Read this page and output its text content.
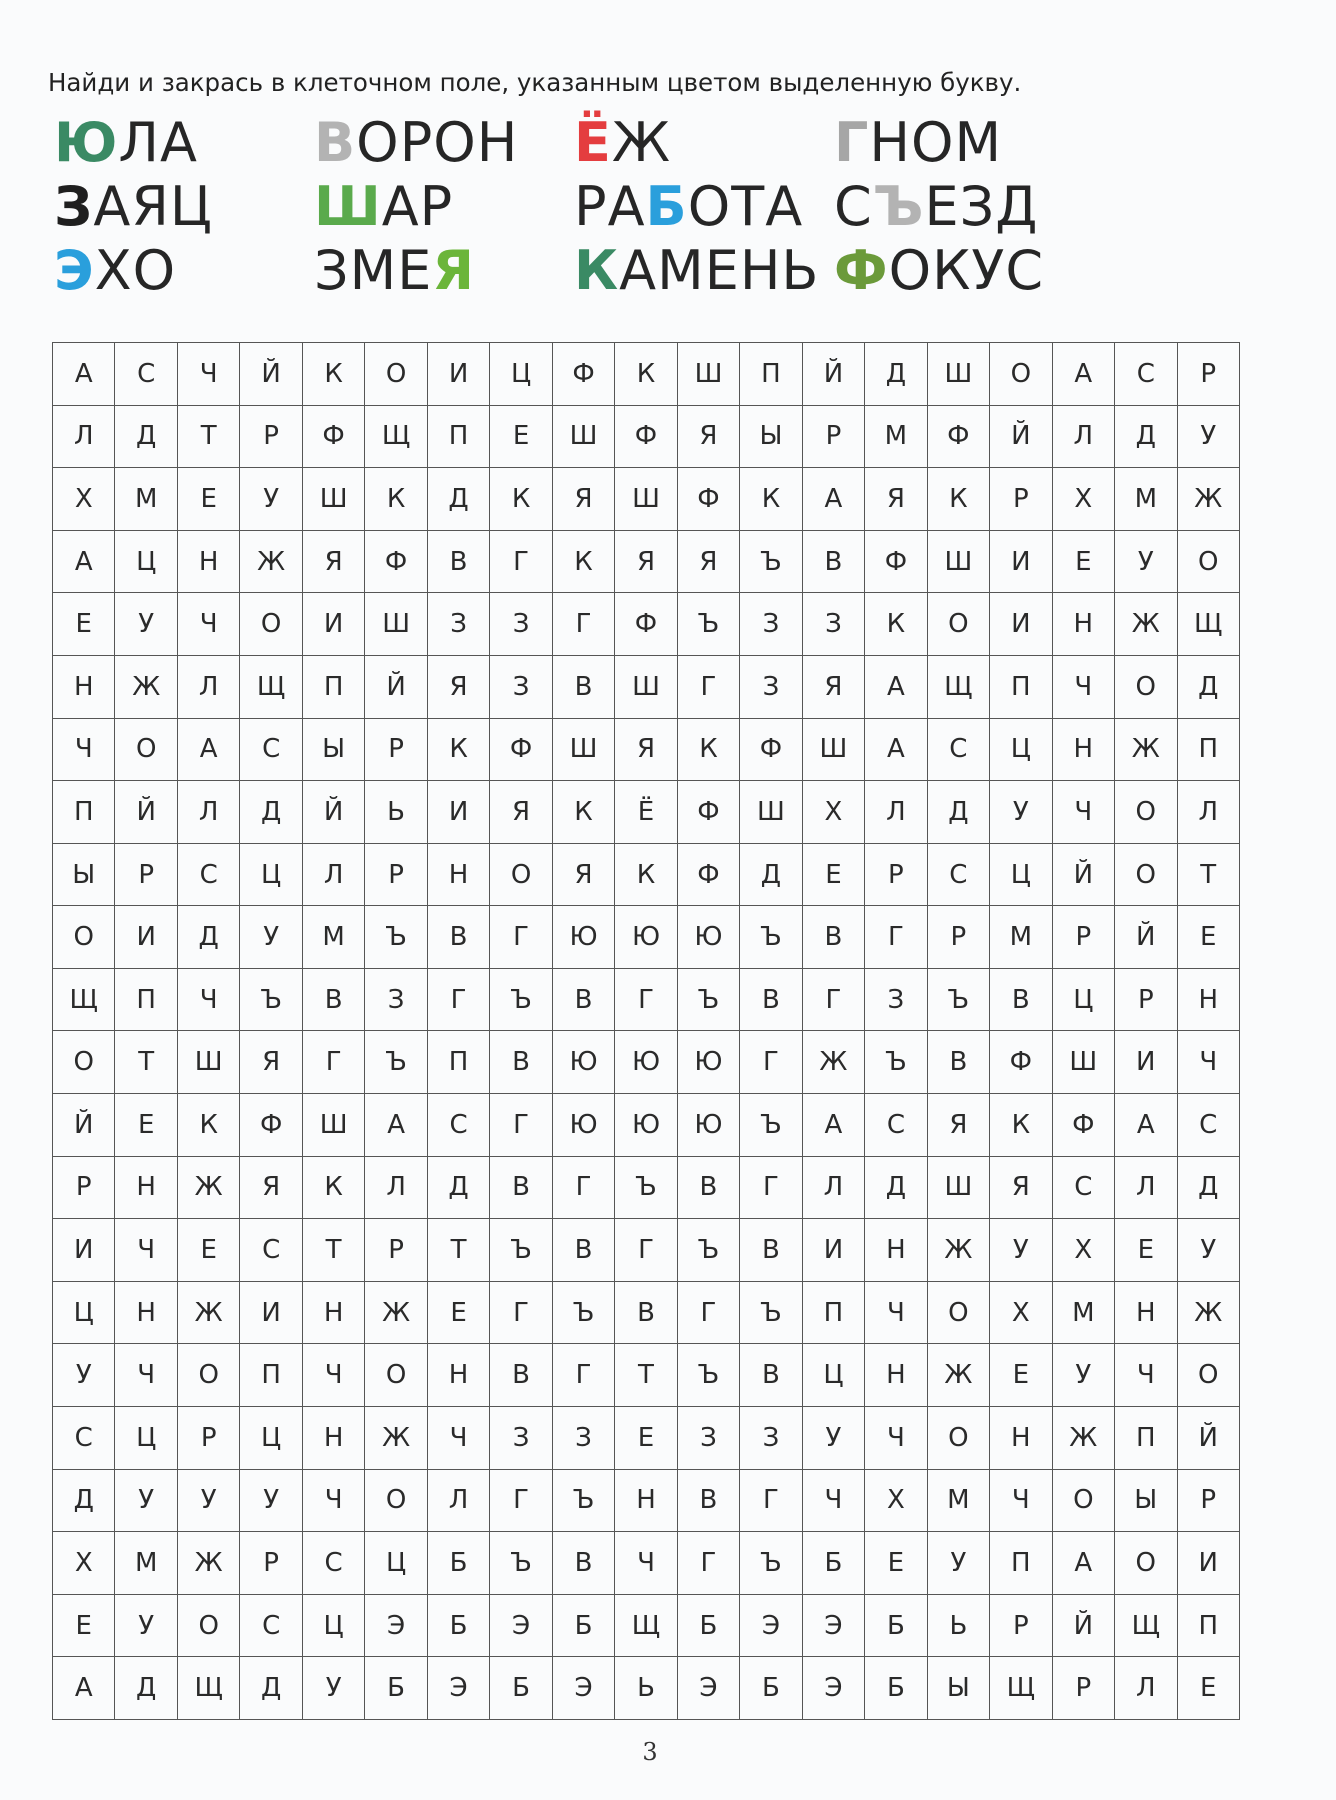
Найди и закрась в клеточном поле, указанным цветом выделенную букву.
ЮЛА ВОРОН ЁЖ	ГНОМ
ЗАЯЦ ШАР РАБОТА СЪЕЗД
ЭХО	ЗМЕЯ КАМЕНЬ ФОКУС
А	С	Ч	Й	К	О	И	Ц	Ф	К	Ш	П	Й	Д	Ш	О	А	С	Р
Л	Д	Т	Р	Ф	Щ	П	Е	Ш	Ф	Я	Ы	Р	М	Ф	Й	Л	Д	У
Х	М	Е	У	Ш	К	Д	К	Я	Ш	Ф	К	А	Я	К	Р	Х	М	Ж
А	Ц	Н	Ж	Я	Ф	В	Г	К	Я	Я	Ъ	В	Ф	Ш	И	Е	У	О
Е	У	Ч	О	И	Ш	З	З	Г	Ф	Ъ	З	З	К	О	И	Н	Ж	Щ
Н	Ж	Л	Щ	П	Й	Я	З	В	Ш	Г	З	Я	А	Щ	П	Ч	О	Д
Ч	О	А	С	Ы	Р	К	Ф	Ш	Я	К	Ф	Ш	А	С	Ц	Н	Ж	П
П	Й	Л	Д	Й	Ь	И	Я	К	Ё	Ф	Ш	Х	Л	Д	У	Ч	О	Л
Ы	Р	С	Ц	Л	Р	Н	О	Я	К	Ф	Д	Е	Р	С	Ц	Й	О	Т
О	И	Д	У	М	Ъ	В	Г	Ю	Ю	Ю	Ъ	В	Г	Р	М	Р	Й	Е
Щ	П	Ч	Ъ	В	З	Г	Ъ	В	Г	Ъ	В	Г	З	Ъ	В	Ц	Р	Н
О	Т	Ш	Я	Г	Ъ	П	В	Ю	Ю	Ю	Г	Ж	Ъ	В	Ф	Ш	И	Ч
Й	Е	К	Ф	Ш	А	С	Г	Ю	Ю	Ю	Ъ	А	С	Я	К	Ф	А	С
Р	Н	Ж	Я	К	Л	Д	В	Г	Ъ	В	Г	Л	Д	Ш	Я	С	Л	Д
И	Ч	Е	С	Т	Р	Т	Ъ	В	Г	Ъ	В	И	Н	Ж	У	Х	Е	У
Ц	Н	Ж	И	Н	Ж	Е	Г	Ъ	В	Г	Ъ	П	Ч	О	Х	М	Н	Ж
У	Ч	О	П	Ч	О	Н	В	Г	Т	Ъ	В	Ц	Н	Ж	Е	У	Ч	О
С	Ц	Р	Ц	Н	Ж	Ч	З	З	Е	З	З	У	Ч	О	Н	Ж	П	Й
Д	У	У	У	Ч	О	Л	Г	Ъ	Н	В	Г	Ч	Х	М	Ч	О	Ы	Р
Х	М	Ж	Р	С	Ц	Б	Ъ	В	Ч	Г	Ъ	Б	Е	У	П	А	О	И
Е	У	О	С	Ц	Э	Б	Э	Б	Щ	Б	Э	Э	Б	Ь	Р	Й	Щ	П
А	Д	Щ	Д	У	Б	Э	Б	Э	Ь	Э	Б	Э	Б	Ы	Щ	Р	Л	Е
3
